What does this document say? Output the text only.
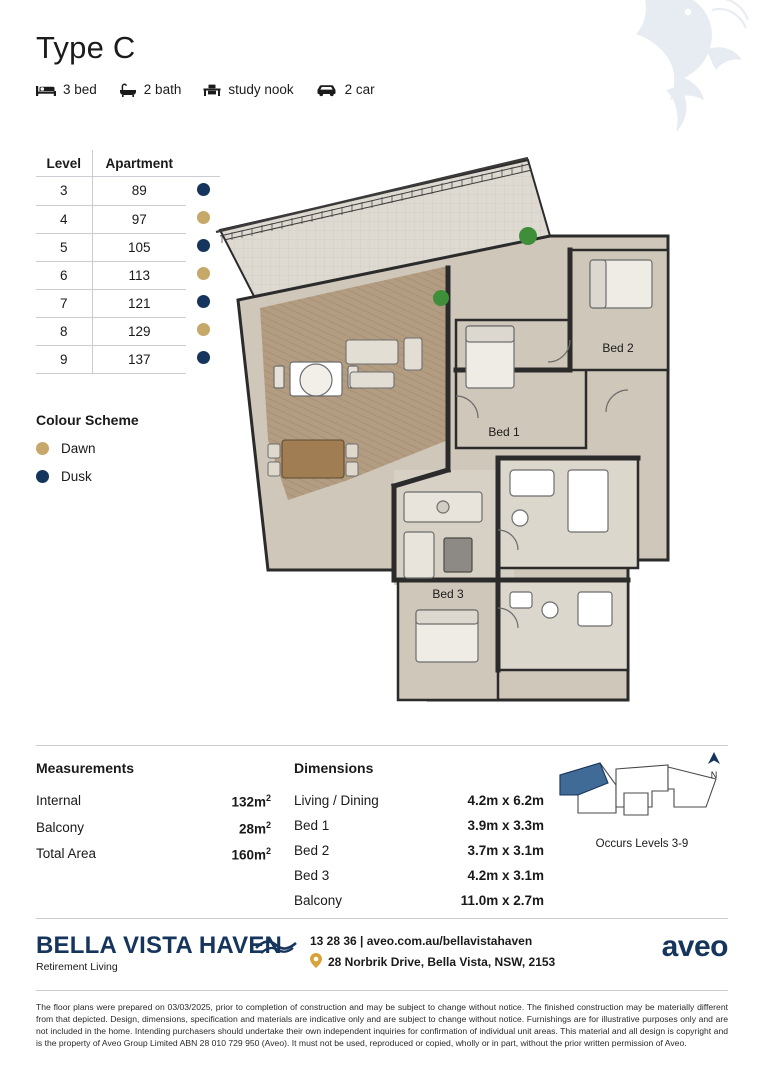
Type C
3 bed	2 bath	study nook	2 car
Level	Apartment	
3	89	
4	97	
5	105	
6	113	
7	121	
8	129	
9	137	
Colour Scheme
Dawn
Dusk
Bed 1
Bed 2
Bed 3
Measurements
Internal	$132m^2$
Balcony	$28m^2$
Total Area	$160m^2$
Dimensions
Living / Dining	4.2m x 6.2m
Bed 1	3.9m x 3.3m
Bed 2	3.7m x 3.1m
Bed 3	4.2m x 3.1m
Balcony	11.0m x 2.7m
N
Occurs Levels 3-9
BELLA VISTA HAVEN
Retirement Living
13 28 36 | aveo.com.au/bellavistahaven
28 Norbrik Drive, Bella Vista, NSW, 2153	aveo
The floor plans were prepared on 03/03/2025, prior to completion of construction and may be subject to change without notice. The finished construction may be materially different from that depicted. Design, dimensions, specification and materials are indicative only and are subject to change without notice. Furnishings are for illustrative purposes only and are not included in the home. Intending purchasers should undertake their own independent inquiries for confirmation of individual unit areas. This material and all design is copyright and is the property of Aveo Group Limited ABN 28 010 729 950 (Aveo). It must not be used, reproduced or copied, wholly or in part, without the prior written permission of Aveo.
